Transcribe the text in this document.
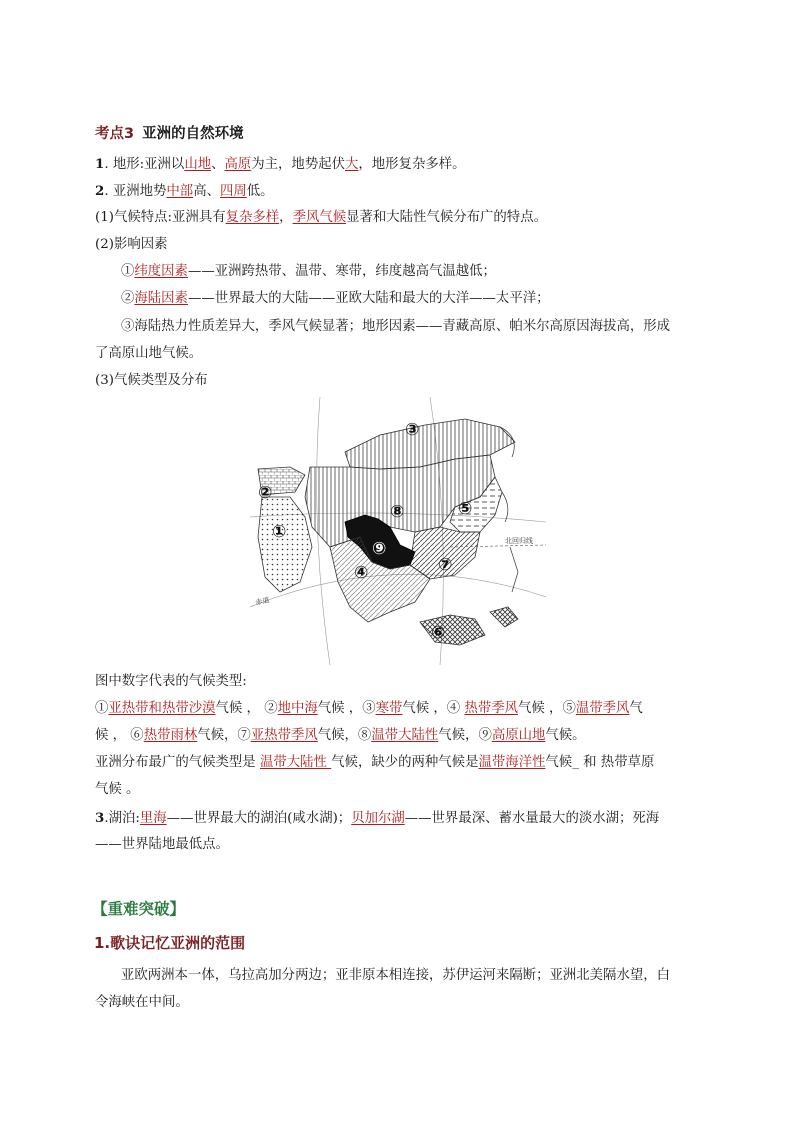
考点3 亚洲的自然环境
1. 地形:亚洲以山地、高原为主，地势起伏大，地形复杂多样。
2. 亚洲地势中部高、四周低。
(1)气候特点:亚洲具有复杂多样，季风气候显著和大陆性气候分布广的特点。
(2)影响因素
①纬度因素——亚洲跨热带、温带、寒带，纬度越高气温越低；
②海陆因素——世界最大的大陆——亚欧大陆和最大的大洋——太平洋；
③海陆热力性质差异大，季风气候显著；地形因素——青藏高原、帕米尔高原因海拔高，形成
了高原山地气候。
(3)气候类型及分布
北回归线
赤道
①
②
③
④
⑤
⑥
⑦
⑧
⑨
图中数字代表的气候类型:
①亚热带和热带沙漠气候 ， ②地中海气候 ，③寒带气候 ，④ 热带季风气候 ，⑤温带季风气
候 ， ⑥热带雨林气候，⑦亚热带季风气候，⑧温带大陆性气候，⑨高原山地气候。
亚洲分布最广的气候类型是 温带大陆性 气候，缺少的两种气候是温带海洋性气候_ 和 热带草原
气候 。
3.湖泊:里海——世界最大的湖泊(咸水湖)；贝加尔湖——世界最深、蓄水量最大的淡水湖；死海
——世界陆地最低点。
【重难突破】
1.歌诀记忆亚洲的范围
亚欧两洲本一体，乌拉高加分两边；亚非原本相连接，苏伊运河来隔断；亚洲北美隔水望，白
令海峡在中间。
